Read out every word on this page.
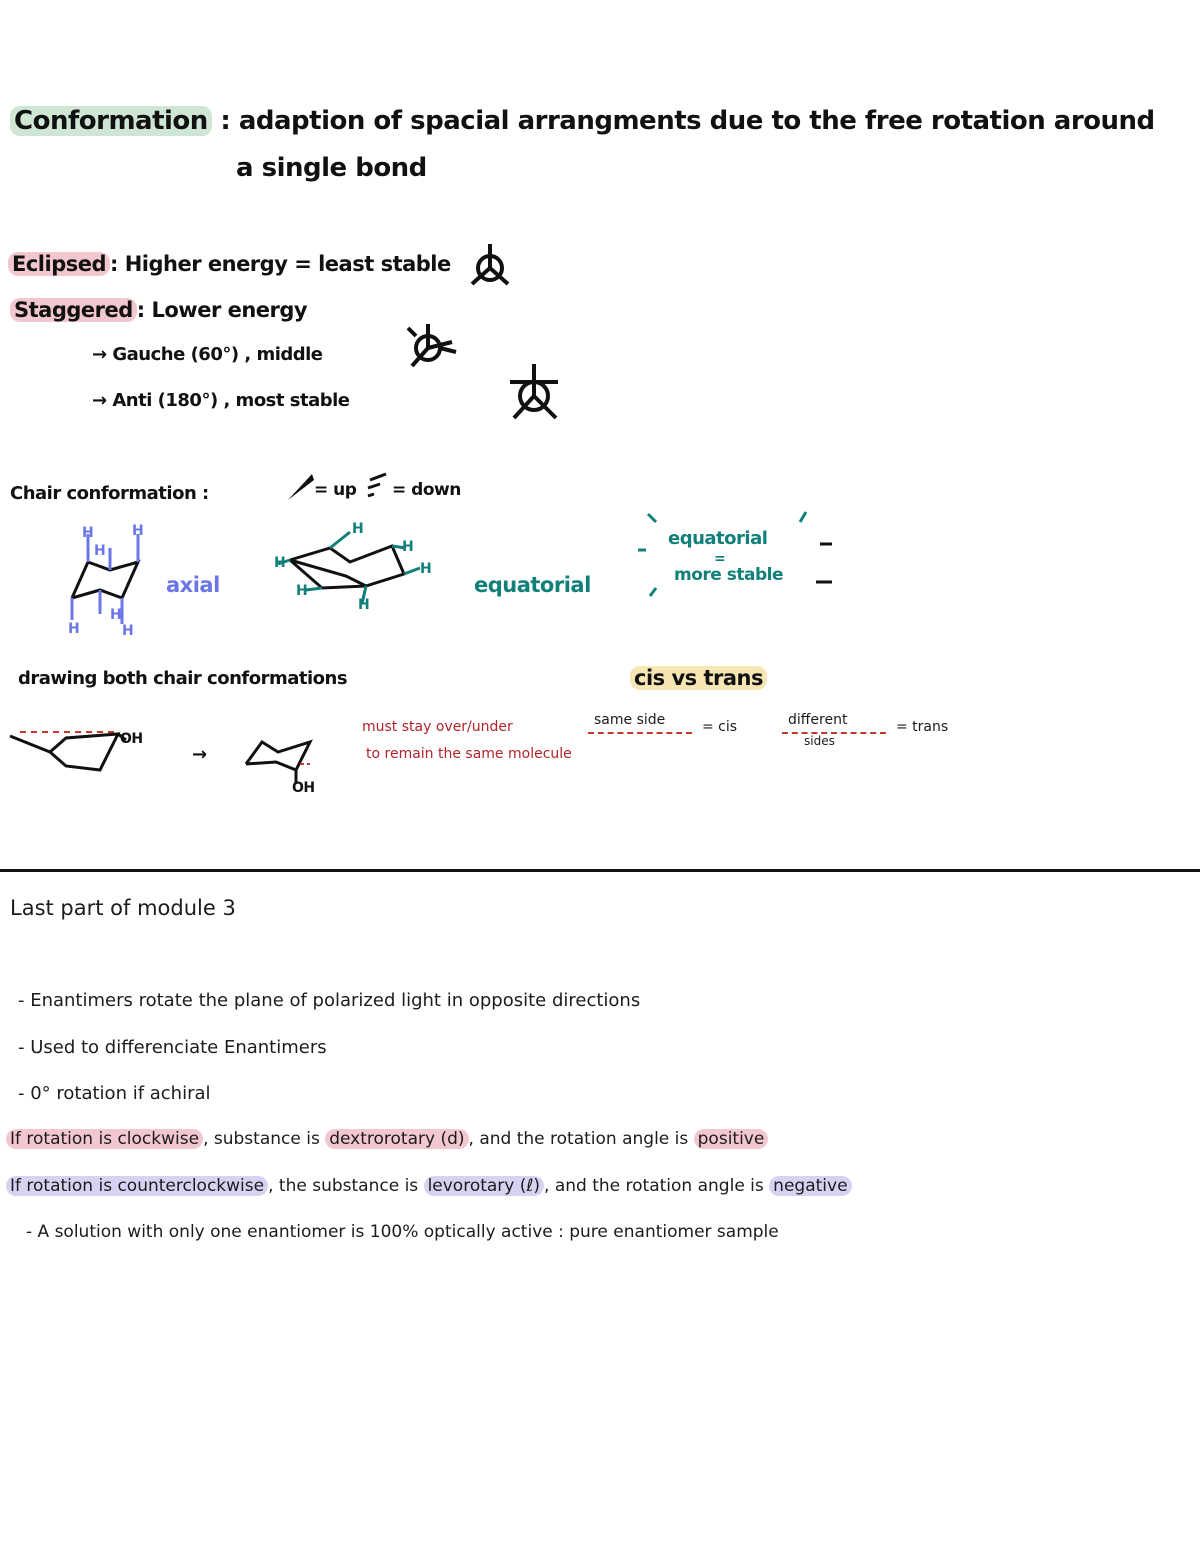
Conformation : adaption of spacial arrangments due to the free rotation around
a single bond
Eclipsed : Higher energy = least stable
Staggered : Lower energy
→ Gauche (60°) , middle
→ Anti (180°) , most stable
Chair conformation :	= up = down
H	H
H
H
H
H
axial
H
H
H
H
H
H
equatorial
equatorial
=
more stable
drawing both chair conformations	cis vs trans
OH
→
OH
must stay over/under
to remain the same molecule
same side	= cis	different
sides
= trans
Last part of module 3
- Enantimers rotate the plane of polarized light in opposite directions
- Used to differenciate Enantimers
- 0° rotation if achiral
If rotation is clockwise , substance is dextrorotary (d) , and the rotation angle is positive
If rotation is counterclockwise , the substance is levorotary (ℓ) , and the rotation angle is negative
- A solution with only one enantiomer is 100% optically active : pure enantiomer sample
